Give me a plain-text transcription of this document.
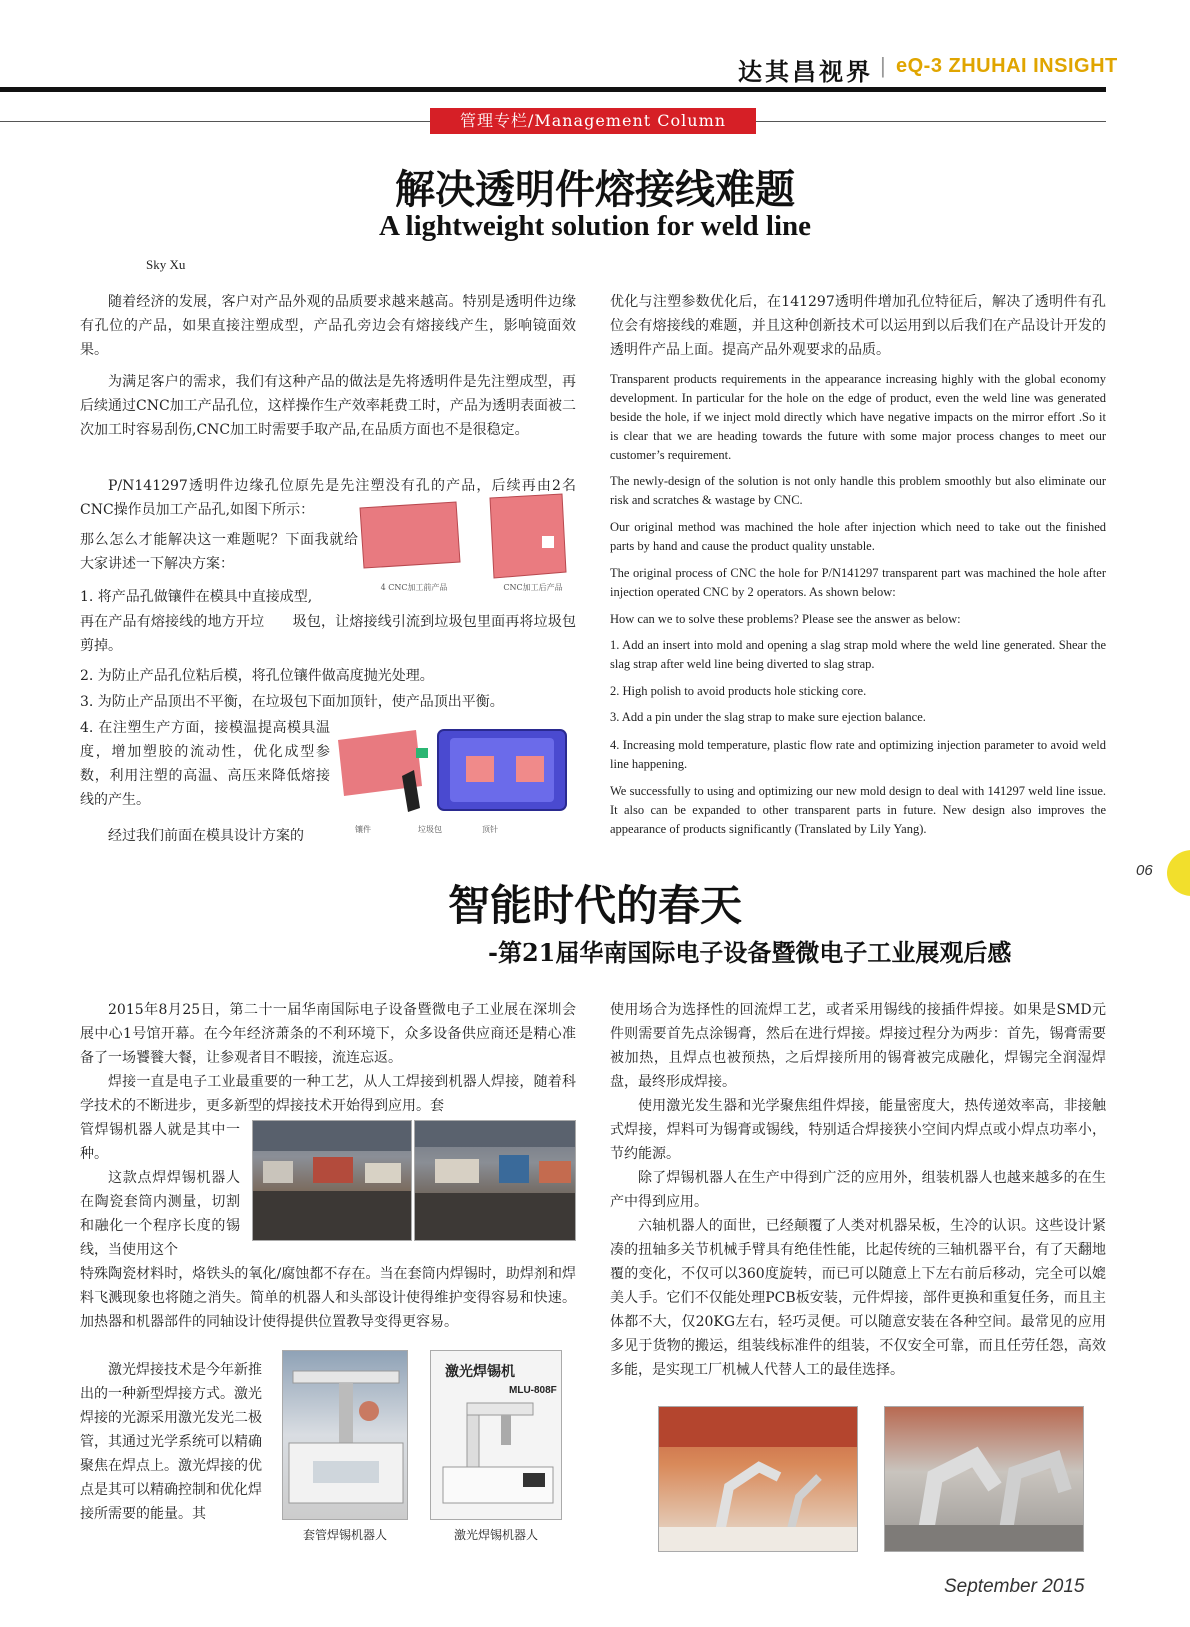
达其昌视界 | eQ-3 ZHUHAI INSIGHT
管理专栏/Management Column
解决透明件熔接线难题
A lightweight solution for weld line
Sky Xu
随着经济的发展，客户对产品外观的品质要求越来越高。特别是透明件边缘有孔位的产品，如果直接注塑成型，产品孔旁边会有熔接线产生，影响镜面效果。
为满足客户的需求，我们有这种产品的做法是先将透明件是先注塑成型，再后续通过CNC加工产品孔位，这样操作生产效率耗费工时，产品为透明表面被二次加工时容易刮伤,CNC加工时需要手取产品,在品质方面也不是很稳定。
P/N141297透明件边缘孔位原先是先注塑没有孔的产品，后续再由2名CNC操作员加工产品孔,如图下所示：
那么怎么才能解决这一难题呢？下面我就给大家讲述一下解决方案：
1. 将产品孔做镶件在模具中直接成型,
再在产品有熔接线的地方开垃　　圾包，让熔接线引流到垃圾包里面再将垃圾包剪掉。
2. 为防止产品孔位粘后模，将孔位镶件做高度抛光处理。
3. 为防止产品顶出不平衡，在垃圾包下面加顶针，使产品顶出平衡。
4. 在注塑生产方面，接模温提高模具温度，增加塑胶的流动性，优化成型参数，利用注塑的高温、高压来降低熔接线的产生。
经过我们前面在模具设计方案的
4 CNC加工前产品	CNC加工后产品
镶件	垃圾包	顶针
优化与注塑参数优化后，在141297透明件增加孔位特征后，解决了透明件有孔位会有熔接线的难题，并且这种创新技术可以运用到以后我们在产品设计开发的透明件产品上面。提高产品外观要求的品质。
Transparent products requirements in the appearance increasing highly with the global economy development. In particular for the hole on the edge of product, even the weld line was generated beside the hole, if we inject mold directly which have negative impacts on the mirror effort .So it is clear that we are heading towards the future with some major process changes to meet our customer’s requirement.
The newly-design of the solution is not only handle this problem smoothly but also eliminate our risk and scratches & wastage by CNC.
Our original method was machined the hole after injection which need to take out the finished parts by hand and cause the product quality unstable.
The original process of CNC the hole for P/N141297 transparent part was machined the hole after injection operated CNC by 2 operators. As shown below:
How can we to solve these problems? Please see the answer as below:
1. Add an insert into mold and opening a slag strap mold where the weld line generated. Shear the slag strap after weld line being diverted to slag strap.
2. High polish to avoid products hole sticking core.
3. Add a pin under the slag strap to make sure ejection balance.
4. Increasing mold temperature, plastic flow rate and optimizing injection parameter to avoid weld line happening.
We successfully to using and optimizing our new mold design to deal with 141297 weld line issue. It also can be expanded to other transparent parts in future. New design also improves the appearance of products significantly (Translated by Lily Yang).
06
智能时代的春天
-第21届华南国际电子设备暨微电子工业展观后感
2015年8月25日，第二十一届华南国际电子设备暨微电子工业展在深圳会展中心1号馆开幕。在今年经济萧条的不利环境下，众多设备供应商还是精心准备了一场饕餮大餐，让参观者目不暇接，流连忘返。
焊接一直是电子工业最重要的一种工艺，从人工焊接到机器人焊接，随着科学技术的不断进步，更多新型的焊接技术开始得到应用。套
管焊锡机器人就是其中一种。
这款点焊焊锡机器人在陶瓷套筒内测量，切割和融化一个程序长度的锡线，当使用这个
特殊陶瓷材料时，烙铁头的氧化/腐蚀都不存在。当在套筒内焊锡时，助焊剂和焊料飞溅现象也将随之消失。简单的机器人和头部设计使得维护变得容易和快速。加热器和机器部件的同轴设计使得提供位置教导变得更容易。
激光焊接技术是今年新推出的一种新型焊接方式。激光焊接的光源采用激光发光二极管，其通过光学系统可以精确聚焦在焊点上。激光焊接的优点是其可以精确控制和优化焊接所需要的能量。其
套管焊锡机器人
激光焊锡机
MLU-808F
激光焊锡机器人
使用场合为选择性的回流焊工艺，或者采用锡线的接插件焊接。如果是SMD元件则需要首先点涂锡膏，然后在进行焊接。焊接过程分为两步：首先，锡膏需要被加热，且焊点也被预热，之后焊接所用的锡膏被完成融化，焊锡完全润湿焊盘，最终形成焊接。
使用激光发生器和光学聚焦组件焊接，能量密度大，热传递效率高，非接触式焊接，焊料可为锡膏或锡线，特别适合焊接狭小空间内焊点或小焊点功率小，节约能源。
除了焊锡机器人在生产中得到广泛的应用外，组装机器人也越来越多的在生产中得到应用。
六轴机器人的面世，已经颠覆了人类对机器呆板，生冷的认识。这些设计紧凑的扭轴多关节机械手臂具有绝佳性能，比起传统的三轴机器平台，有了天翻地覆的变化，不仅可以360度旋转，而已可以随意上下左右前后移动，完全可以媲美人手。它们不仅能处理PCB板安装，元件焊接，部件更换和重复任务，而且主体都不大，仅20KG左右，轻巧灵便。可以随意安装在各种空间。最常见的应用多见于货物的搬运，组装线标准件的组装，不仅安全可靠，而且任劳任怨，高效多能，是实现工厂机械人代替人工的最佳选择。
September 2015
